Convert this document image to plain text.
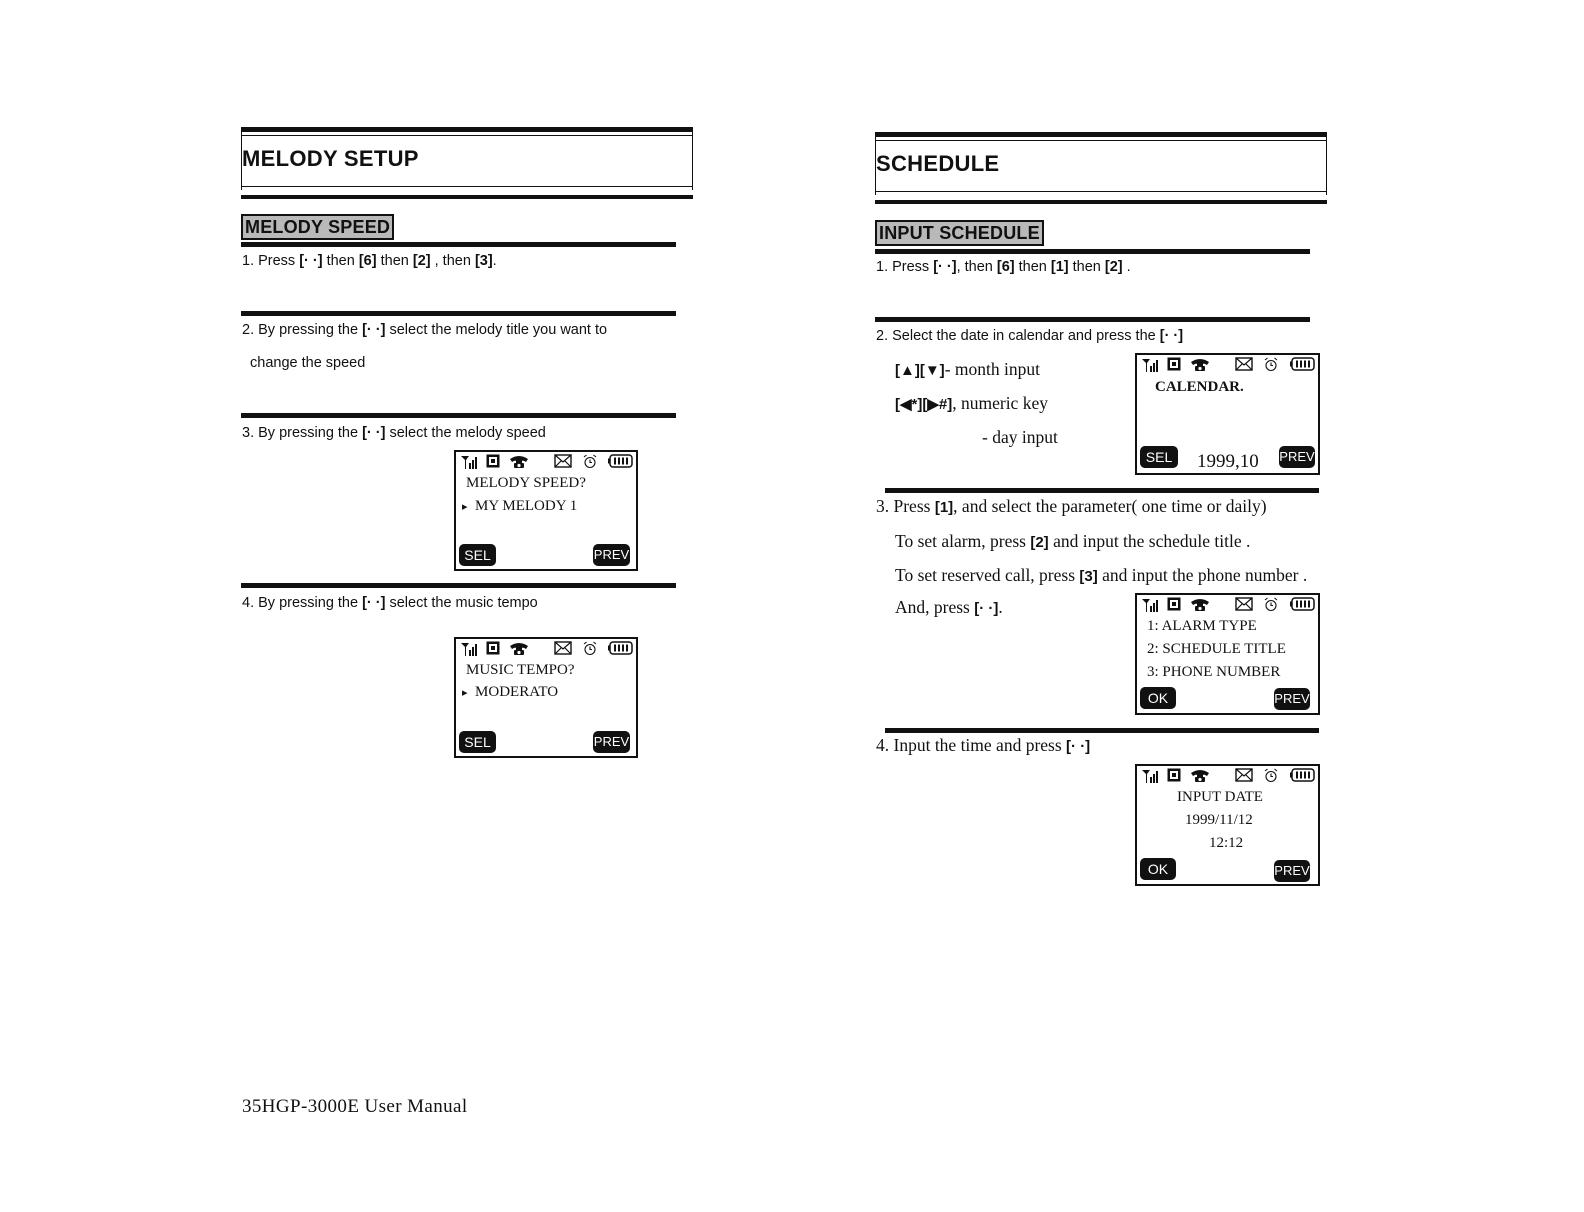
MELODY SETUP
MELODY SPEED
1. Press [· ·] then [6] then [2] , then [3].
2. By pressing the [· ·] select the melody title you want to
change the speed
3. By pressing the [· ·] select the melody speed
MELODY SPEED?
▸ MY MELODY 1
SEL	PREV
4. By pressing the [· ·] select the music tempo
MUSIC TEMPO?
▸ MODERATO
SEL	PREV
35HGP-3000E User Manual
SCHEDULE
INPUT SCHEDULE
1. Press [· ·], then [6] then [1] then [2] .
2. Select the date in calendar and press the [· ·]
[▲][▼]- month input
[◀*][▶#], numeric key
- day input
CALENDAR.
SEL	1999,10 PREV
3. Press [1], and select the parameter( one time or daily)
To set alarm, press [2] and input the schedule title .
To set reserved call, press [3] and input the phone number .
And, press [· ·].
1: ALARM TYPE
2: SCHEDULE TITLE
3: PHONE NUMBER
OK	PREV
4. Input the time and press [· ·]
INPUT DATE
1999/11/12
12:12
OK	PREV
